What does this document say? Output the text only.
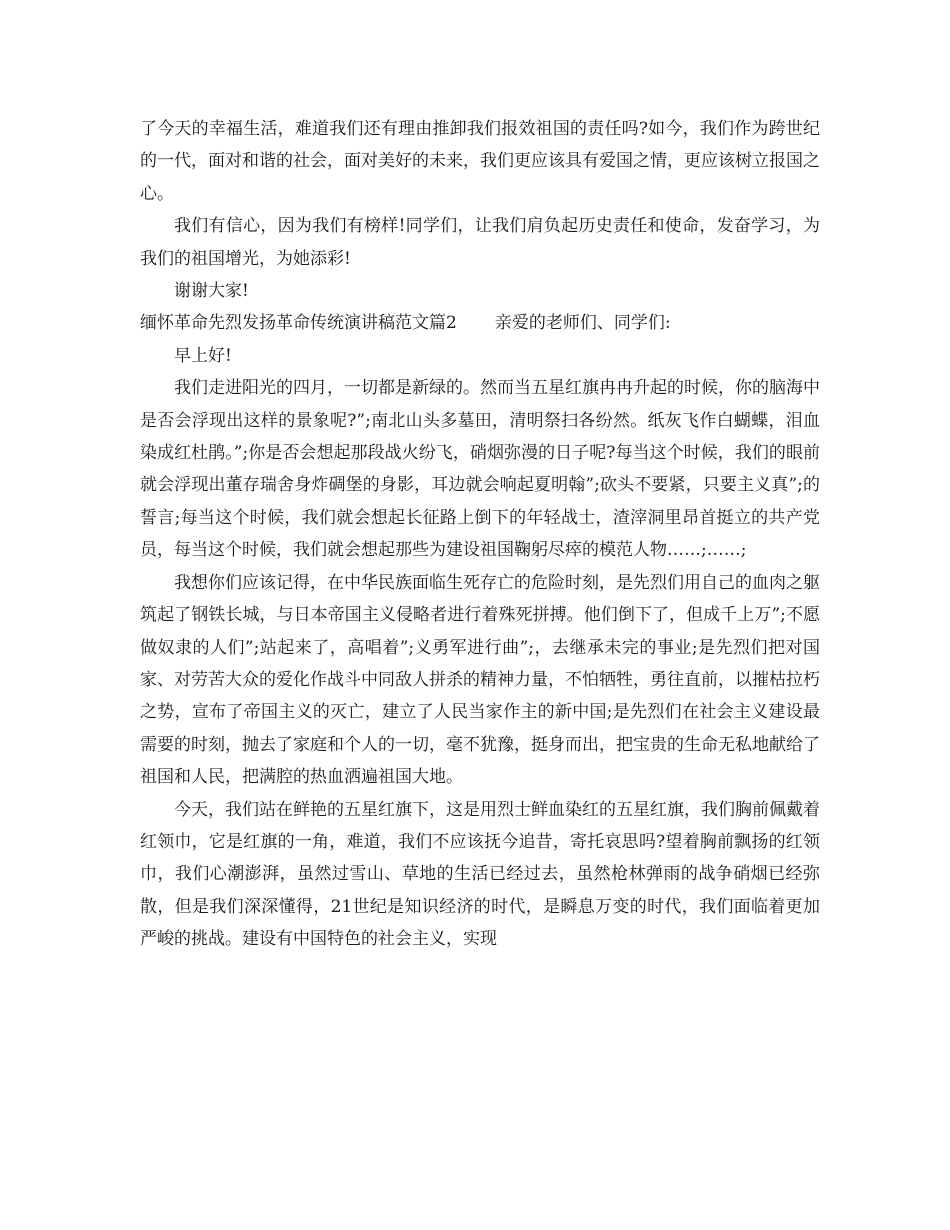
了今天的幸福生活，难道我们还有理由推卸我们报效祖国的责任吗?如今，我们作为跨世纪的一代，面对和谐的社会，面对美好的未来，我们更应该具有爱国之情，更应该树立报国之心。

我们有信心，因为我们有榜样!同学们，让我们肩负起历史责任和使命，发奋学习，为我们的祖国增光，为她添彩!

谢谢大家!

缅怀革命先烈发扬革命传统演讲稿范文篇2 亲爱的老师们、同学们:

早上好!

我们走进阳光的四月，一切都是新绿的。然而当五星红旗冉冉升起的时候，你的脑海中是否会浮现出这样的景象呢?”;南北山头多墓田，清明祭扫各纷然。纸灰飞作白蝴蝶，泪血染成红杜鹃。”;你是否会想起那段战火纷飞，硝烟弥漫的日子呢?每当这个时候，我们的眼前就会浮现出董存瑞舍身炸碉堡的身影，耳边就会响起夏明翰”;砍头不要紧，只要主义真”;的誓言;每当这个时候，我们就会想起长征路上倒下的年轻战士，渣滓洞里昂首挺立的共产党员，每当这个时候，我们就会想起那些为建设祖国鞠躬尽瘁的模范人物……;……;

我想你们应该记得，在中华民族面临生死存亡的危险时刻，是先烈们用自己的血肉之躯筑起了钢铁长城，与日本帝国主义侵略者进行着殊死拼搏。他们倒下了，但成千上万”;不愿做奴隶的人们”;站起来了，高唱着”;义勇军进行曲”;，去继承未完的事业;是先烈们把对国家、对劳苦大众的爱化作战斗中同敌人拼杀的精神力量，不怕牺牲，勇往直前，以摧枯拉朽之势，宣布了帝国主义的灭亡，建立了人民当家作主的新中国;是先烈们在社会主义建设最需要的时刻，抛去了家庭和个人的一切，毫不犹豫，挺身而出，把宝贵的生命无私地献给了祖国和人民，把满腔的热血洒遍祖国大地。

今天，我们站在鲜艳的五星红旗下，这是用烈士鲜血染红的五星红旗，我们胸前佩戴着红领巾，它是红旗的一角，难道，我们不应该抚今追昔，寄托哀思吗?望着胸前飘扬的红领巾，我们心潮澎湃，虽然过雪山、草地的生活已经过去，虽然枪林弹雨的战争硝烟已经弥散，但是我们深深懂得，21世纪是知识经济的时代，是瞬息万变的时代，我们面临着更加严峻的挑战。建设有中国特色的社会主义，实现
